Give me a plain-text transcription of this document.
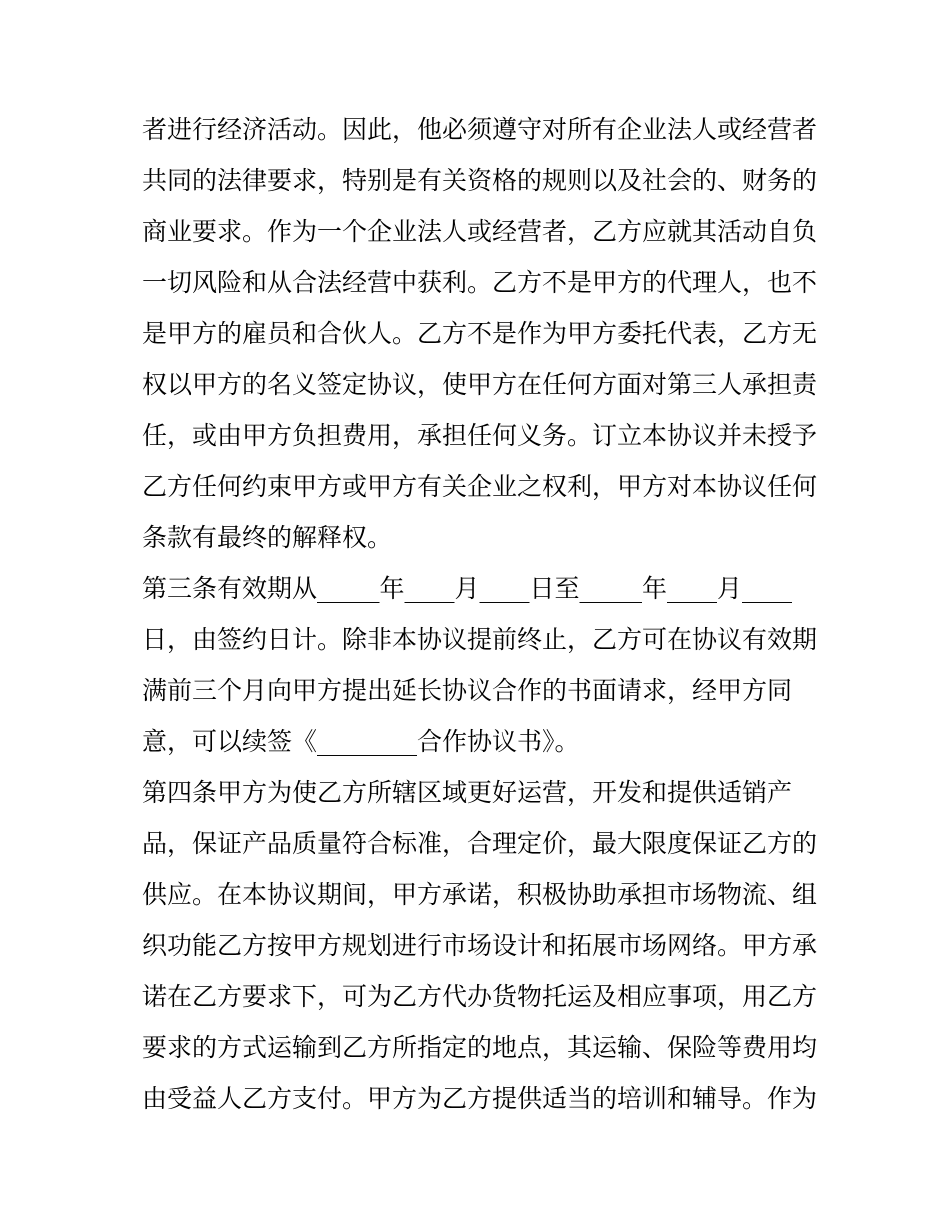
者进行经济活动。因此，他必须遵守对所有企业法人或经营者
共同的法律要求，特别是有关资格的规则以及社会的、财务的
商业要求。作为一个企业法人或经营者，乙方应就其活动自负
一切风险和从合法经营中获利。乙方不是甲方的代理人，也不
是甲方的雇员和合伙人。乙方不是作为甲方委托代表，乙方无
权以甲方的名义签定协议，使甲方在任何方面对第三人承担责
任，或由甲方负担费用，承担任何义务。订立本协议并未授予
乙方任何约束甲方或甲方有关企业之权利，甲方对本协议任何
条款有最终的解释权。
第三条有效期从_____年____月____日至_____年____月____
日，由签约日计。除非本协议提前终止，乙方可在协议有效期
满前三个月向甲方提出延长协议合作的书面请求，经甲方同
意，可以续签《________合作协议书》。
第四条甲方为使乙方所辖区域更好运营，开发和提供适销产
品，保证产品质量符合标准，合理定价，最大限度保证乙方的
供应。在本协议期间，甲方承诺，积极协助承担市场物流、组
织功能乙方按甲方规划进行市场设计和拓展市场网络。甲方承
诺在乙方要求下，可为乙方代办货物托运及相应事项，用乙方
要求的方式运输到乙方所指定的地点，其运输、保险等费用均
由受益人乙方支付。甲方为乙方提供适当的培训和辅导。作为
